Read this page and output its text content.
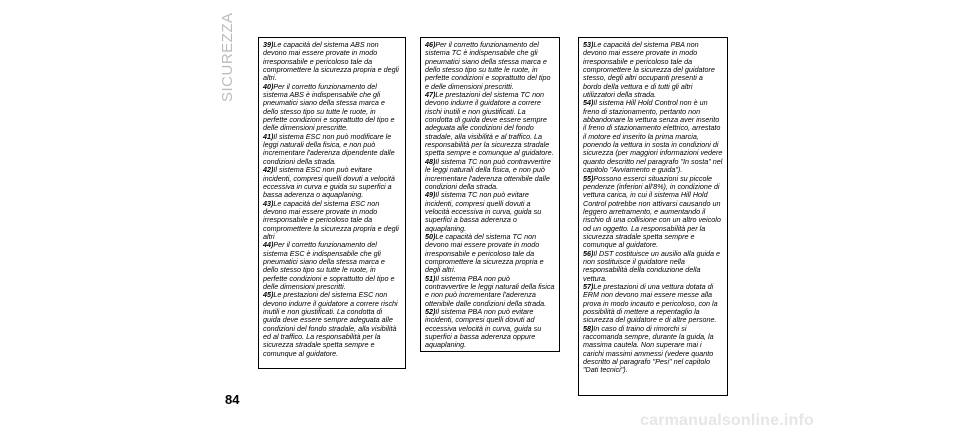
SICUREZZA	39)Le capacità del sistema ABS non devono mai essere provate in modo irresponsabile e pericoloso tale da compromettere la sicurezza propria e degli altri.

40)Per il corretto funzionamento del sistema ABS è indispensabile che gli pneumatici siano della stessa marca e dello stesso tipo su tutte le ruote, in perfette condizioni e soprattutto del tipo e delle dimensioni prescritte.

41)Il sistema ESC non può modificare le leggi naturali della fisica, e non può incrementare l'aderenza dipendente dalle condizioni della strada.

42)Il sistema ESC non può evitare incidenti, compresi quelli dovuti a velocità eccessiva in curva e guida su superfici a bassa aderenza o aquaplaning.

43)Le capacità del sistema ESC non devono mai essere provate in modo irresponsabile e pericoloso tale da compromettere la sicurezza propria e degli altri

44)Per il corretto funzionamento del sistema ESC è indispensabile che gli pneumatici siano della stessa marca e dello stesso tipo su tutte le ruote, in perfette condizioni e soprattutto del tipo e delle dimensioni prescritti.

45)Le prestazioni del sistema ESC non devono indurre il guidatore a correre rischi inutili e non giustificati. La condotta di guida deve essere sempre adeguata alle condizioni del fondo stradale, alla visibilità ed al traffico. La responsabilità per la sicurezza stradale spetta sempre e comunque al guidatore.

46)Per il corretto funzionamento del sistema TC è indispensabile che gli pneumatici siano della stessa marca e dello stesso tipo su tutte le ruote, in perfette condizioni e soprattutto del tipo e delle dimensioni prescritti.

47)Le prestazioni del sistema TC non devono indurre il guidatore a correre rischi inutili e non giustificati. La condotta di guida deve essere sempre adeguata alle condizioni del fondo stradale, alla visibilità e al traffico. La responsabilità per la sicurezza stradale spetta sempre e comunque al guidatore.

48)Il sistema TC non può contravvertire le leggi naturali della fisica, e non può incrementare l'aderenza ottenibile dalle condizioni della strada.

49)Il sistema TC non può evitare incidenti, compresi quelli dovuti a velocità eccessiva in curva, guida su superfici a bassa aderenza o aquaplaning.

50)Le capacità del sistema TC non devono mai essere provate in modo irresponsabile e pericoloso tale da compromettere la sicurezza propria e degli altri.

51)Il sistema PBA non può contravvertire le leggi naturali della fisica e non può incrementare l'aderenza ottenibile dalle condizioni della strada.

52)Il sistema PBA non può evitare incidenti, compresi quelli dovuti ad eccessiva velocità in curva, guida su superfici a bassa aderenza oppure aquaplaning.

53)Le capacità del sistema PBA non devono mai essere provate in modo irresponsabile e pericoloso tale da compromettere la sicurezza del guidatore stesso, degli altri occupanti presenti a bordo della vettura e di tutti gli altri utilizzatori della strada.

54)Il sistema Hill Hold Control non è un freno di stazionamento, pertanto non abbandonare la vettura senza aver inserito il freno di stazionamento elettrico, arrestato il motore ed inserito la prima marcia, ponendo la vettura in sosta in condizioni di sicurezza (per maggiori informazioni vedere quanto descritto nel paragrafo "In sosta" nel capitolo "Avviamento e guida").

55)Possono esserci situazioni su piccole pendenze (inferiori all'8%), in condizione di vettura carica, in cui il sistema Hill Hold Control potrebbe non attivarsi causando un leggero arretramento, e aumentando il rischio di una collisione con un altro veicolo od un oggetto. La responsabilità per la sicurezza stradale spetta sempre e comunque al guidatore.

56)Il DST costituisce un ausilio alla guida e non sostituisce il guidatore nella responsabilità della conduzione della vettura.

57)Le prestazioni di una vettura dotata di ERM non devono mai essere messe alla prova in modo incauto e pericoloso, con la possibilità di mettere a repentaglio la sicurezza del guidatore e di altre persone.

58)In caso di traino di rimorchi si raccomanda sempre, durante la guida, la massima cautela. Non superare mai i carichi massimi ammessi (vedere quanto descritto al paragrafo "Pesi" nel capitolo "Dati tecnici").

84
carmanualsonline.info
